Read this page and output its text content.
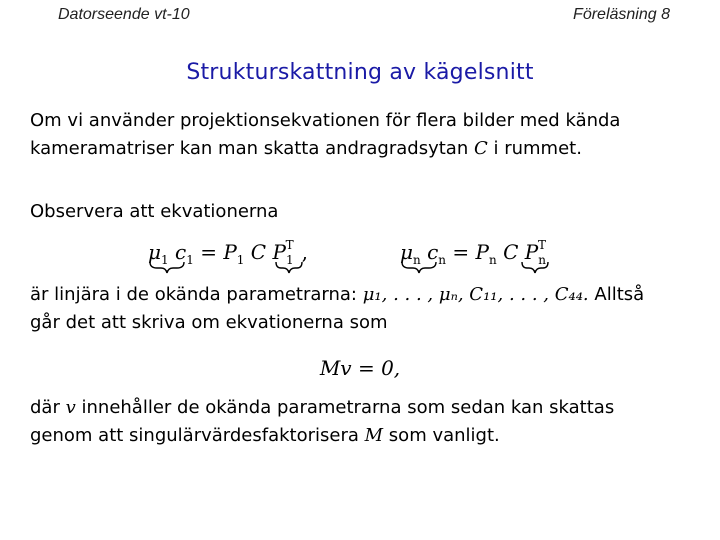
Datorseende vt-10	Föreläsning 8
Strukturskattning av kägelsnitt
Om vi använder projektionsekvationen för flera bilder med kända
kameramatriser kan man skatta andragradsytan C i rummet.
Observera att ekvationerna
$\mu_1$ $c_1 = P_1$ C $P_1^T$ ,	$\mu_n$ $c_n = P_n$ C $P_n^T$
är linjära i de okända parametrarna: μ₁, . . . , μₙ, C₁₁, . . . , C₄₄. Alltså
går det att skriva om ekvationerna som
Mv = 0,
där v innehåller de okända parametrarna som sedan kan skattas
genom att singulärvärdesfaktorisera M som vanligt.
